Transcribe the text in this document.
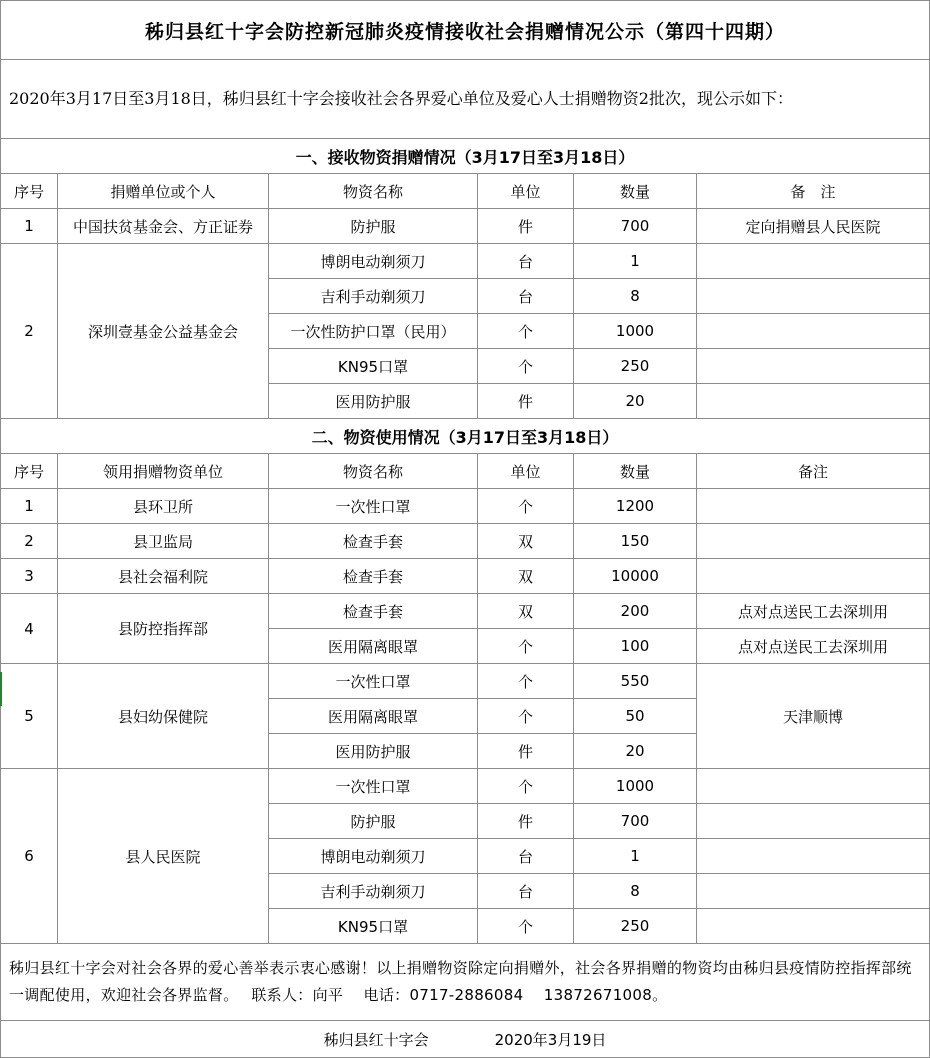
秭归县红十字会防控新冠肺炎疫情接收社会捐赠情况公示（第四十四期）					
2020年3月17日至3月18日，秭归县红十字会接收社会各界爱心单位及爱心人士捐赠物资2批次，现公示如下：					
一、接收物资捐赠情况（3月17日至3月18日）					
序号	捐赠单位或个人	物资名称	单位	数量	备　注
1	中国扶贫基金会、方正证券	防护服	件	700	定向捐赠县人民医院
2	深圳壹基金公益基金会	博朗电动剃须刀	台	1	
		吉利手动剃须刀	台	8	
		一次性防护口罩（民用）	个	1000	
		KN95口罩	个	250	
		医用防护服	件	20	
二、物资使用情况（3月17日至3月18日）					
序号	领用捐赠物资单位	物资名称	单位	数量	备注
1	县环卫所	一次性口罩	个	1200	
2	县卫监局	检查手套	双	150	
3	县社会福利院	检查手套	双	10000	
4	县防控指挥部	检查手套	双	200	点对点送民工去深圳用
		医用隔离眼罩	个	100	点对点送民工去深圳用
5	县妇幼保健院	一次性口罩	个	550	天津顺博
		医用隔离眼罩	个	50	
		医用防护服	件	20	
6	县人民医院	一次性口罩	个	1000	
		防护服	件	700	
		博朗电动剃须刀	台	1	
		吉利手动剃须刀	台	8	
		KN95口罩	个	250	
秭归县红十字会对社会各界的爱心善举表示衷心感谢！以上捐赠物资除定向捐赠外，社会各界捐赠的物资均由秭归县疫情防控指挥部统一调配使用，欢迎社会各界监督。　 联系人：向平　 电话：0717-2886084　 13872671008。					
秭归县红十字会 2020年3月19日					
